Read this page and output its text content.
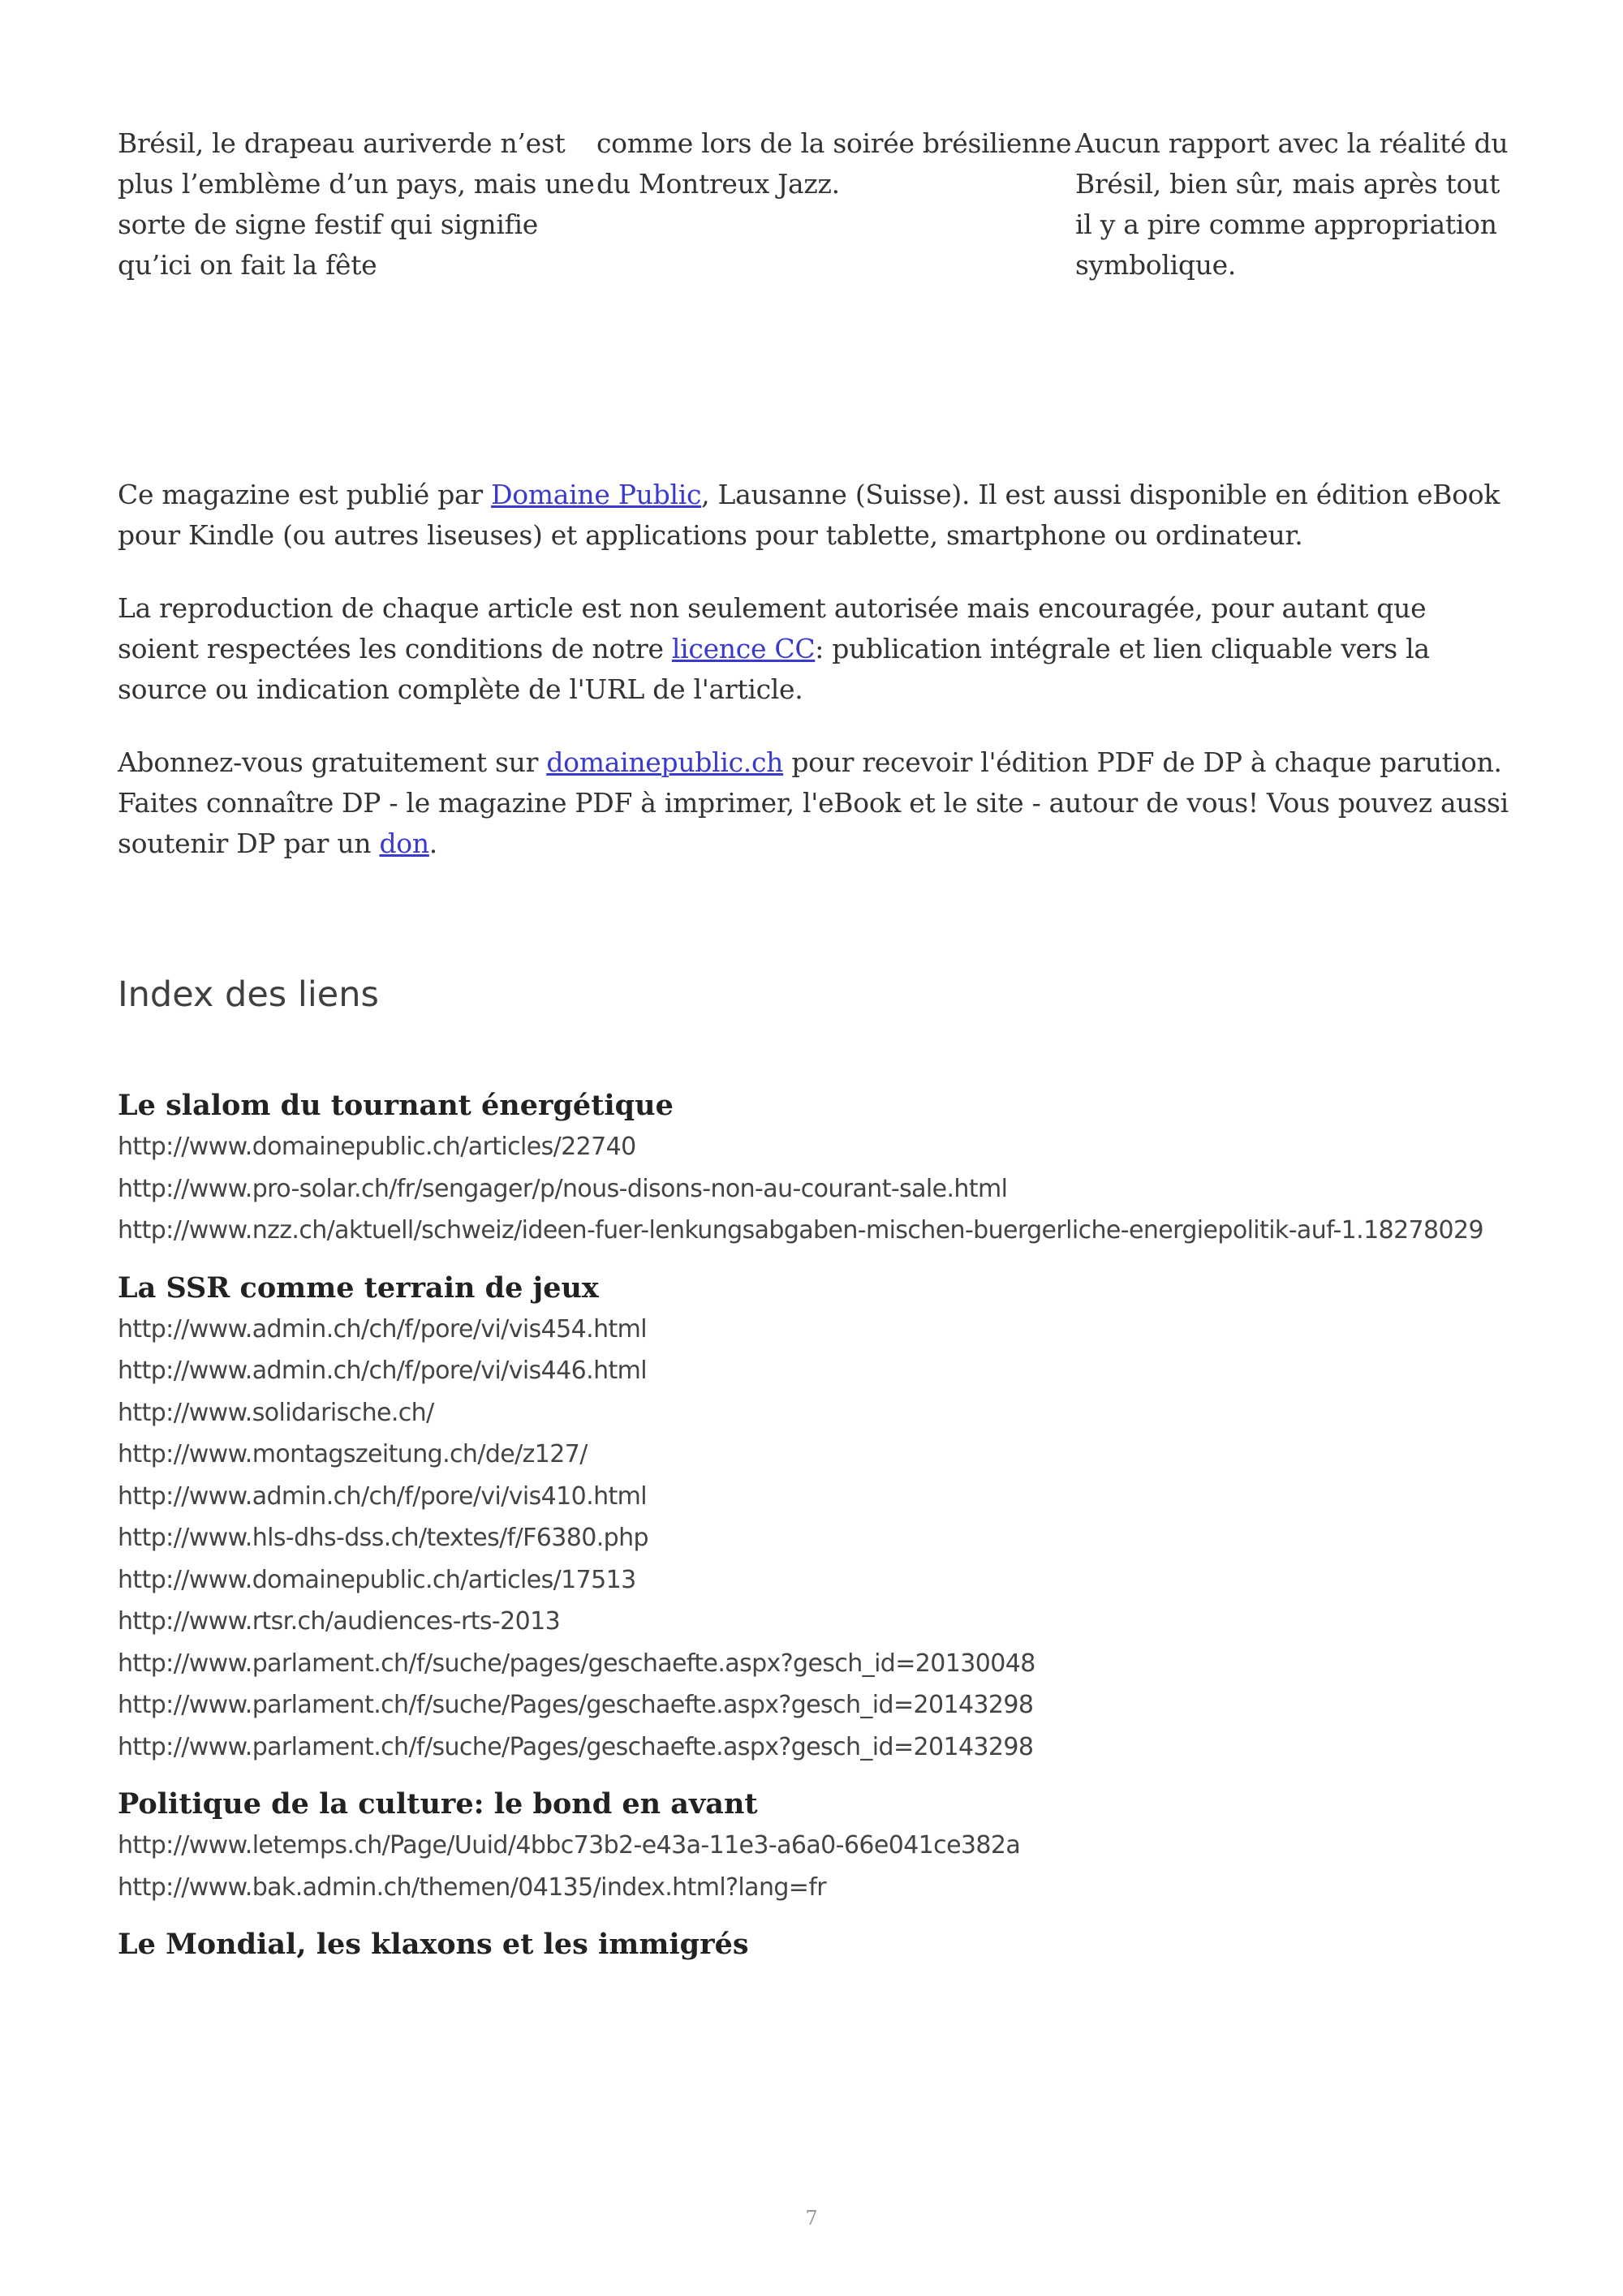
Brésil, le drapeau auriverde n’est plus l’emblème d’un pays, mais une sorte de signe festif qui signifie qu’ici on fait la fête
comme lors de la soirée brésilienne du Montreux Jazz.
Aucun rapport avec la réalité du Brésil, bien sûr, mais après tout il y a pire comme appropriation symbolique.

Ce magazine est publié par Domaine Public, Lausanne (Suisse). Il est aussi disponible en édition eBook pour Kindle (ou autres liseuses) et applications pour tablette, smartphone ou ordinateur.

La reproduction de chaque article est non seulement autorisée mais encouragée, pour autant que soient respectées les conditions de notre licence CC: publication intégrale et lien cliquable vers la source ou indication complète de l'URL de l'article.

Abonnez-vous gratuitement sur domainepublic.ch pour recevoir l'édition PDF de DP à chaque parution. Faites connaître DP - le magazine PDF à imprimer, l'eBook et le site - autour de vous! Vous pouvez aussi soutenir DP par un don.

Index des liens
Le slalom du tournant énergétique

http://www.domainepublic.ch/articles/22740

http://www.pro-solar.ch/fr/sengager/p/nous-disons-non-au-courant-sale.html

http://www.nzz.ch/aktuell/schweiz/ideen-fuer-lenkungsabgaben-mischen-buergerliche-energiepolitik-auf-1.18278029

La SSR comme terrain de jeux

http://www.admin.ch/ch/f/pore/vi/vis454.html

http://www.admin.ch/ch/f/pore/vi/vis446.html

http://www.solidarische.ch/

http://www.montagszeitung.ch/de/z127/

http://www.admin.ch/ch/f/pore/vi/vis410.html

http://www.hls-dhs-dss.ch/textes/f/F6380.php

http://www.domainepublic.ch/articles/17513

http://www.rtsr.ch/audiences-rts-2013

http://www.parlament.ch/f/suche/pages/geschaefte.aspx?gesch_id=20130048

http://www.parlament.ch/f/suche/Pages/geschaefte.aspx?gesch_id=20143298

http://www.parlament.ch/f/suche/Pages/geschaefte.aspx?gesch_id=20143298

Politique de la culture: le bond en avant

http://www.letemps.ch/Page/Uuid/4bbc73b2-e43a-11e3-a6a0-66e041ce382a

http://www.bak.admin.ch/themen/04135/index.html?lang=fr

Le Mondial, les klaxons et les immigrés
7
